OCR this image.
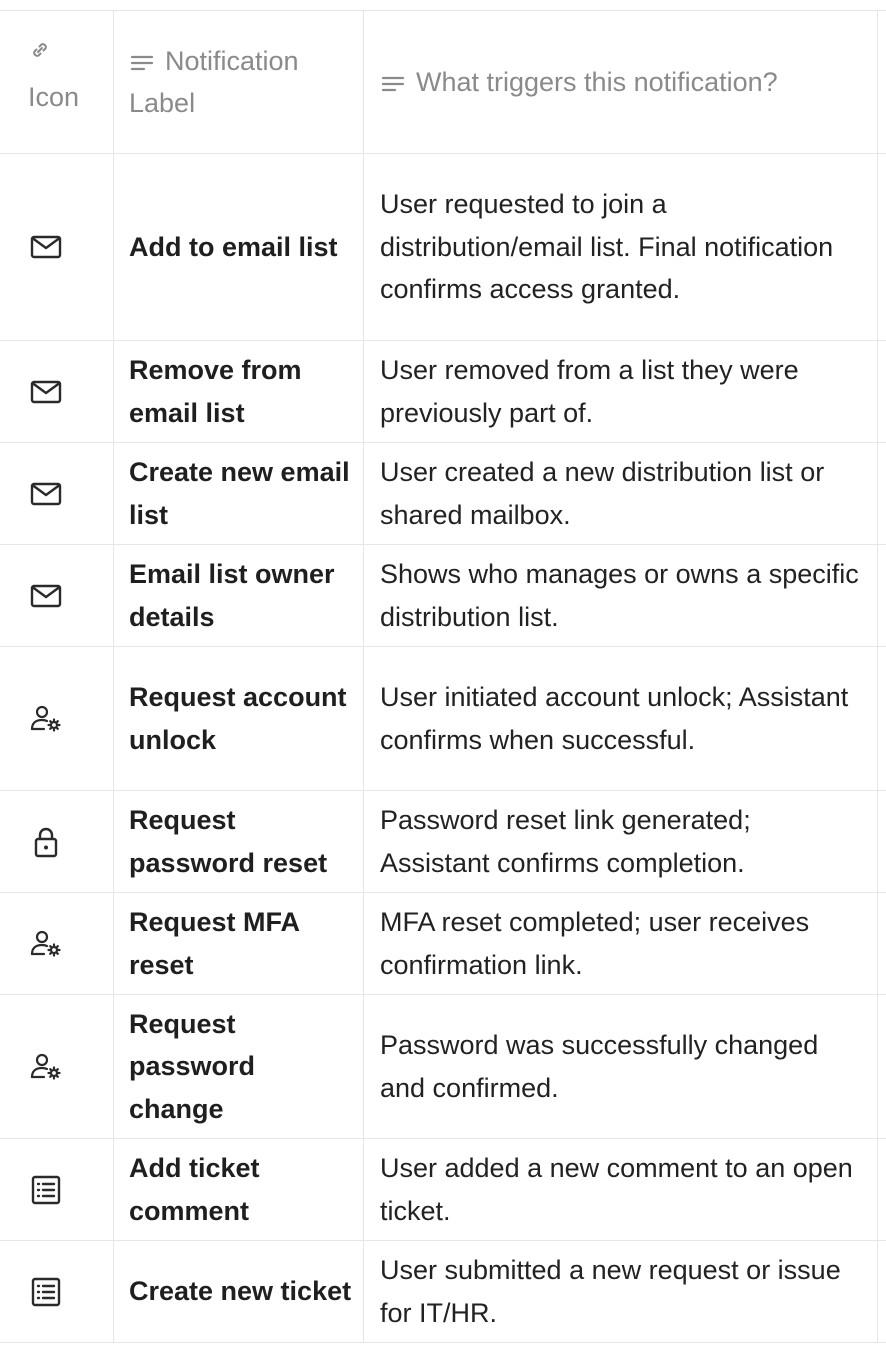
Icon
Notification Label
What triggers this notification?
Add to email list
User requested to join a distribution/email list. Final notification confirms access granted.
Remove from email list
User removed from a list they were previously part of.
Create new email list
User created a new distribution list or shared mailbox.
Email list owner details
Shows who manages or owns a specific distribution list.
Request account unlock
User initiated account unlock; Assistant confirms when successful.
Request password reset
Password reset link generated; Assistant confirms completion.
Request MFA reset
MFA reset completed; user receives confirmation link.
Request password change
Password was successfully changed and confirmed.
Add ticket comment
User added a new comment to an open ticket.
Create new ticket
User submitted a new request or issue for IT/HR.
